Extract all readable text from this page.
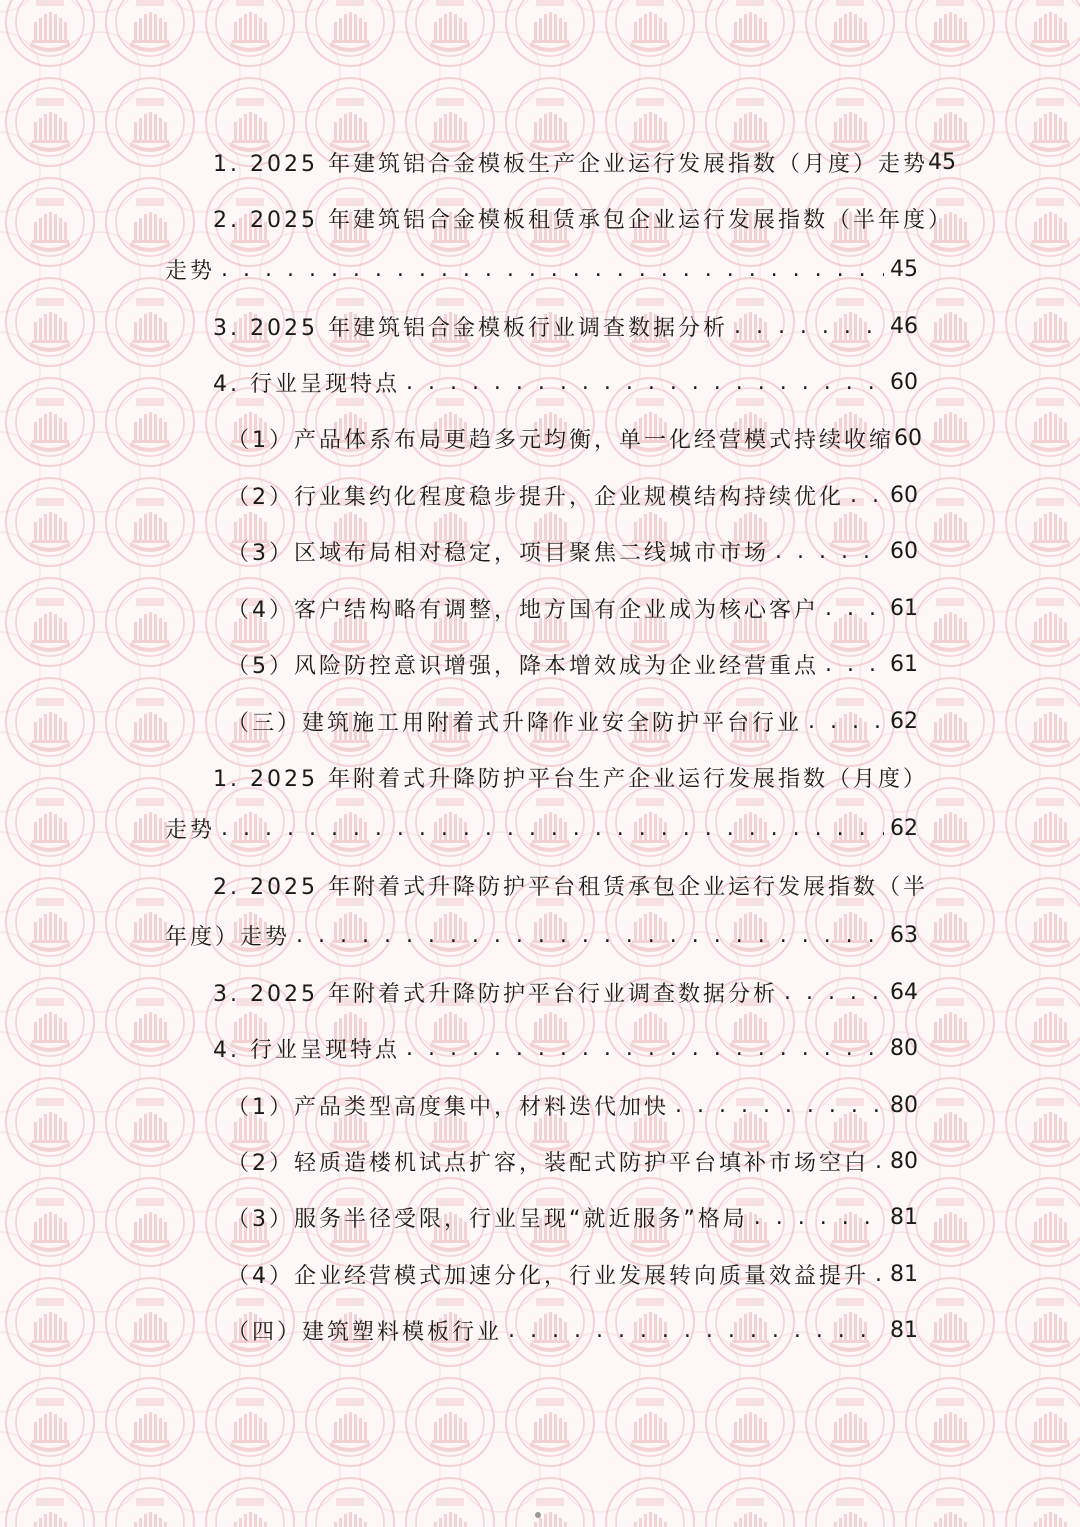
1. 2025 年建筑铝合金模板生产企业运行发展指数（月度）走势 45
2. 2025 年建筑铝合金模板租赁承包企业运行发展指数（半年度）
走势 . . .	45
3. 2025 年建筑铝合金模板行业调查数据分析 . . .	46
4. 行业呈现特点 . . .	60
（1）产品体系布局更趋多元均衡，单一化经营模式持续收缩 60
（2）行业集约化程度稳步提升，企业规模结构持续优化 . . . 60
（3）区域布局相对稳定，项目聚焦二线城市市场 . . .	60
（4）客户结构略有调整，地方国有企业成为核心客户 . . .	61
（5）风险防控意识增强，降本增效成为企业经营重点 . . .	61
（三）建筑施工用附着式升降作业安全防护平台行业 . . .	62
1. 2025 年附着式升降防护平台生产企业运行发展指数（月度）
走势 . . .	62
2. 2025 年附着式升降防护平台租赁承包企业运行发展指数（半
年度）走势 . . .	63
3. 2025 年附着式升降防护平台行业调查数据分析 . . .	64
4. 行业呈现特点 . . .	80
（1）产品类型高度集中，材料迭代加快 . . .	80
（2）轻质造楼机试点扩容，装配式防护平台填补市场空白 . . . 80
（3）服务半径受限，行业呈现“就近服务”格局 . . .	81
（4）企业经营模式加速分化，行业发展转向质量效益提升 . . . 81
（四）建筑塑料模板行业 . . .	81
